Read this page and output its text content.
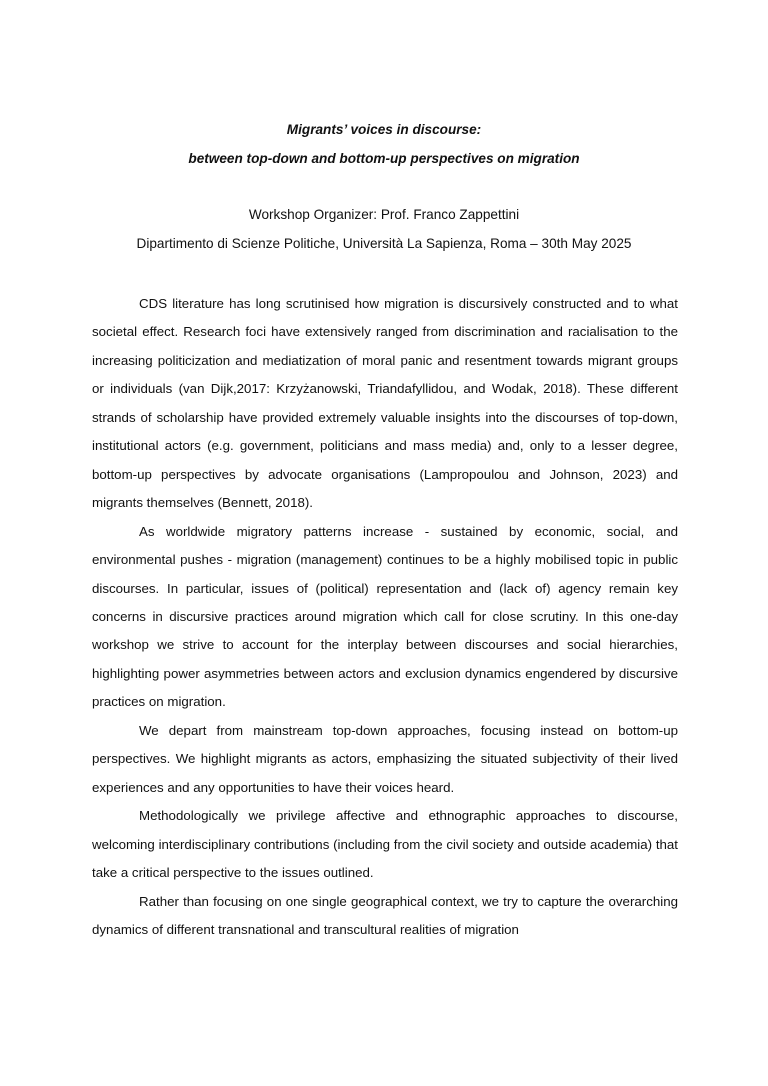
Migrants’ voices in discourse:

between top-down and bottom-up perspectives on migration

Workshop Organizer: Prof. Franco Zappettini

Dipartimento di Scienze Politiche, Università La Sapienza, Roma – 30th May 2025

CDS literature has long scrutinised how migration is discursively constructed and to what societal effect. Research foci have extensively ranged from discrimination and racialisation to the increasing politicization and mediatization of moral panic and resentment towards migrant groups or individuals (van Dijk,2017: Krzyżanowski, Triandafyllidou, and Wodak, 2018). These different strands of scholarship have provided extremely valuable insights into the discourses of top-down, institutional actors (e.g. government, politicians and mass media) and, only to a lesser degree, bottom-up perspectives by advocate organisations (Lampropoulou and Johnson, 2023) and migrants themselves (Bennett, 2018).

As worldwide migratory patterns increase - sustained by economic, social, and environmental pushes - migration (management) continues to be a highly mobilised topic in public discourses. In particular, issues of (political) representation and (lack of) agency remain key concerns in discursive practices around migration which call for close scrutiny. In this one-day workshop we strive to account for the interplay between discourses and social hierarchies, highlighting power asymmetries between actors and exclusion dynamics engendered by discursive practices on migration.

We depart from mainstream top-down approaches, focusing instead on bottom-up perspectives. We highlight migrants as actors, emphasizing the situated subjectivity of their lived experiences and any opportunities to have their voices heard.

Methodologically we privilege affective and ethnographic approaches to discourse, welcoming interdisciplinary contributions (including from the civil society and outside academia) that take a critical perspective to the issues outlined.

Rather than focusing on one single geographical context, we try to capture the overarching dynamics of different transnational and transcultural realities of migration
